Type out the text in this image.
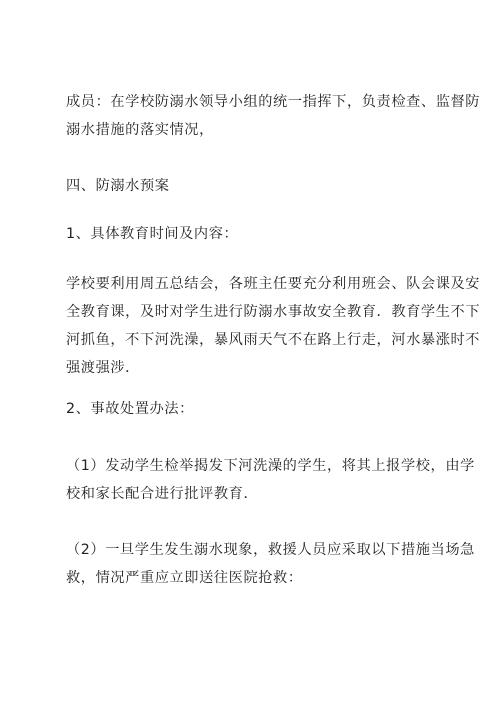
成员：在学校防溺水领导小组的统一指挥下，负责检查、监督防
溺水措施的落实情况，
四、防溺水预案
1、具体教育时间及内容：
学校要利用周五总结会，各班主任要充分利用班会、队会课及安
全教育课，及时对学生进行防溺水事故安全教育．教育学生不下
河抓鱼，不下河洗澡，暴风雨天气不在路上行走，河水暴涨时不
强渡强涉．
2、事故处置办法：
（1）发动学生检举揭发下河洗澡的学生，将其上报学校，由学
校和家长配合进行批评教育．
（2）一旦学生发生溺水现象，救援人员应采取以下措施当场急
救，情况严重应立即送往医院抢救：
